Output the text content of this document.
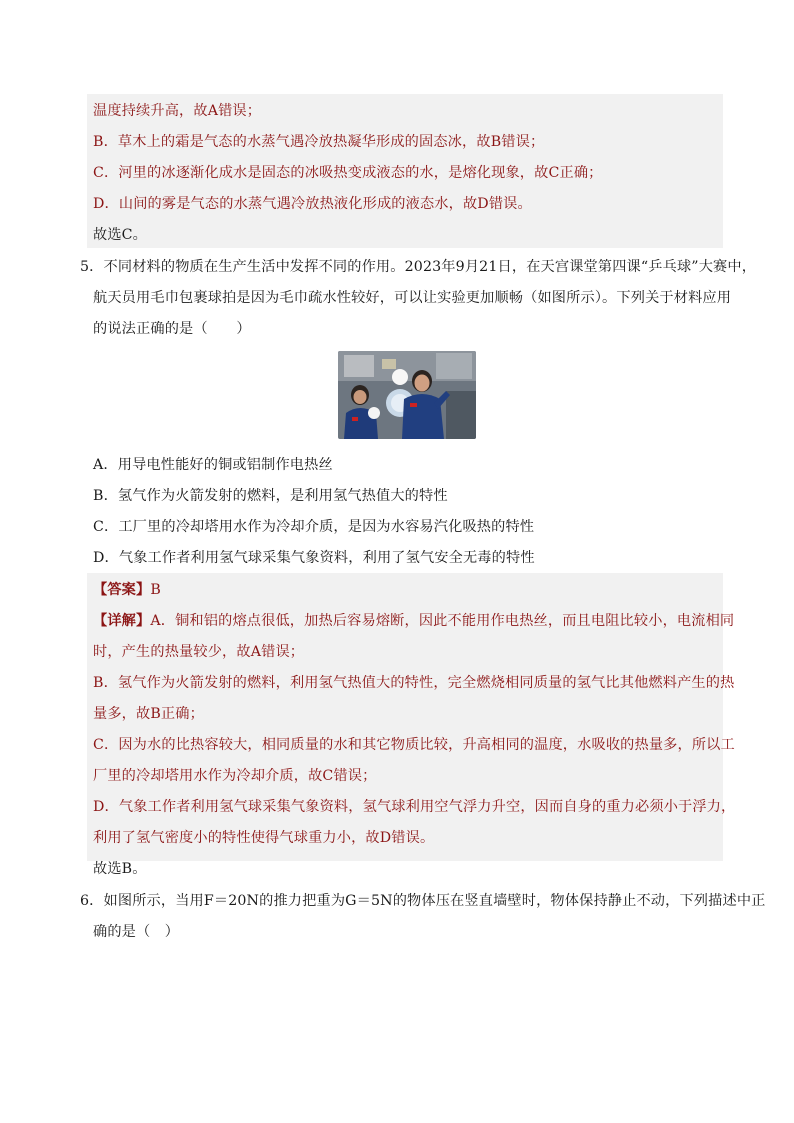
温度持续升高，故A错误；
B．草木上的霜是气态的水蒸气遇冷放热凝华形成的固态冰，故B错误；
C．河里的冰逐渐化成水是固态的冰吸热变成液态的水，是熔化现象，故C正确；
D．山间的雾是气态的水蒸气遇冷放热液化形成的液态水，故D错误。
故选C。
5．不同材料的物质在生产生活中发挥不同的作用。2023年9月21日，在天宫课堂第四课“乒乓球”大赛中，
航天员用毛巾包裹球拍是因为毛巾疏水性较好，可以让实验更加顺畅（如图所示）。下列关于材料应用
的说法正确的是（　　）
A．用导电性能好的铜或铝制作电热丝
B．氢气作为火箭发射的燃料，是利用氢气热值大的特性
C．工厂里的冷却塔用水作为冷却介质，是因为水容易汽化吸热的特性
D．气象工作者利用氢气球采集气象资料，利用了氢气安全无毒的特性
【答案】B
【详解】A．铜和铝的熔点很低，加热后容易熔断，因此不能用作电热丝，而且电阻比较小，电流相同
时，产生的热量较少，故A错误；
B．氢气作为火箭发射的燃料，利用氢气热值大的特性，完全燃烧相同质量的氢气比其他燃料产生的热
量多，故B正确；
C．因为水的比热容较大，相同质量的水和其它物质比较，升高相同的温度，水吸收的热量多，所以工
厂里的冷却塔用水作为冷却介质，故C错误；
D．气象工作者利用氢气球采集气象资料，氢气球利用空气浮力升空，因而自身的重力必须小于浮力，
利用了氢气密度小的特性使得气球重力小，故D错误。
故选B。
6．如图所示，当用F＝20N的推力把重为G＝5N的物体压在竖直墙壁时，物体保持静止不动，下列描述中正
确的是（　）
